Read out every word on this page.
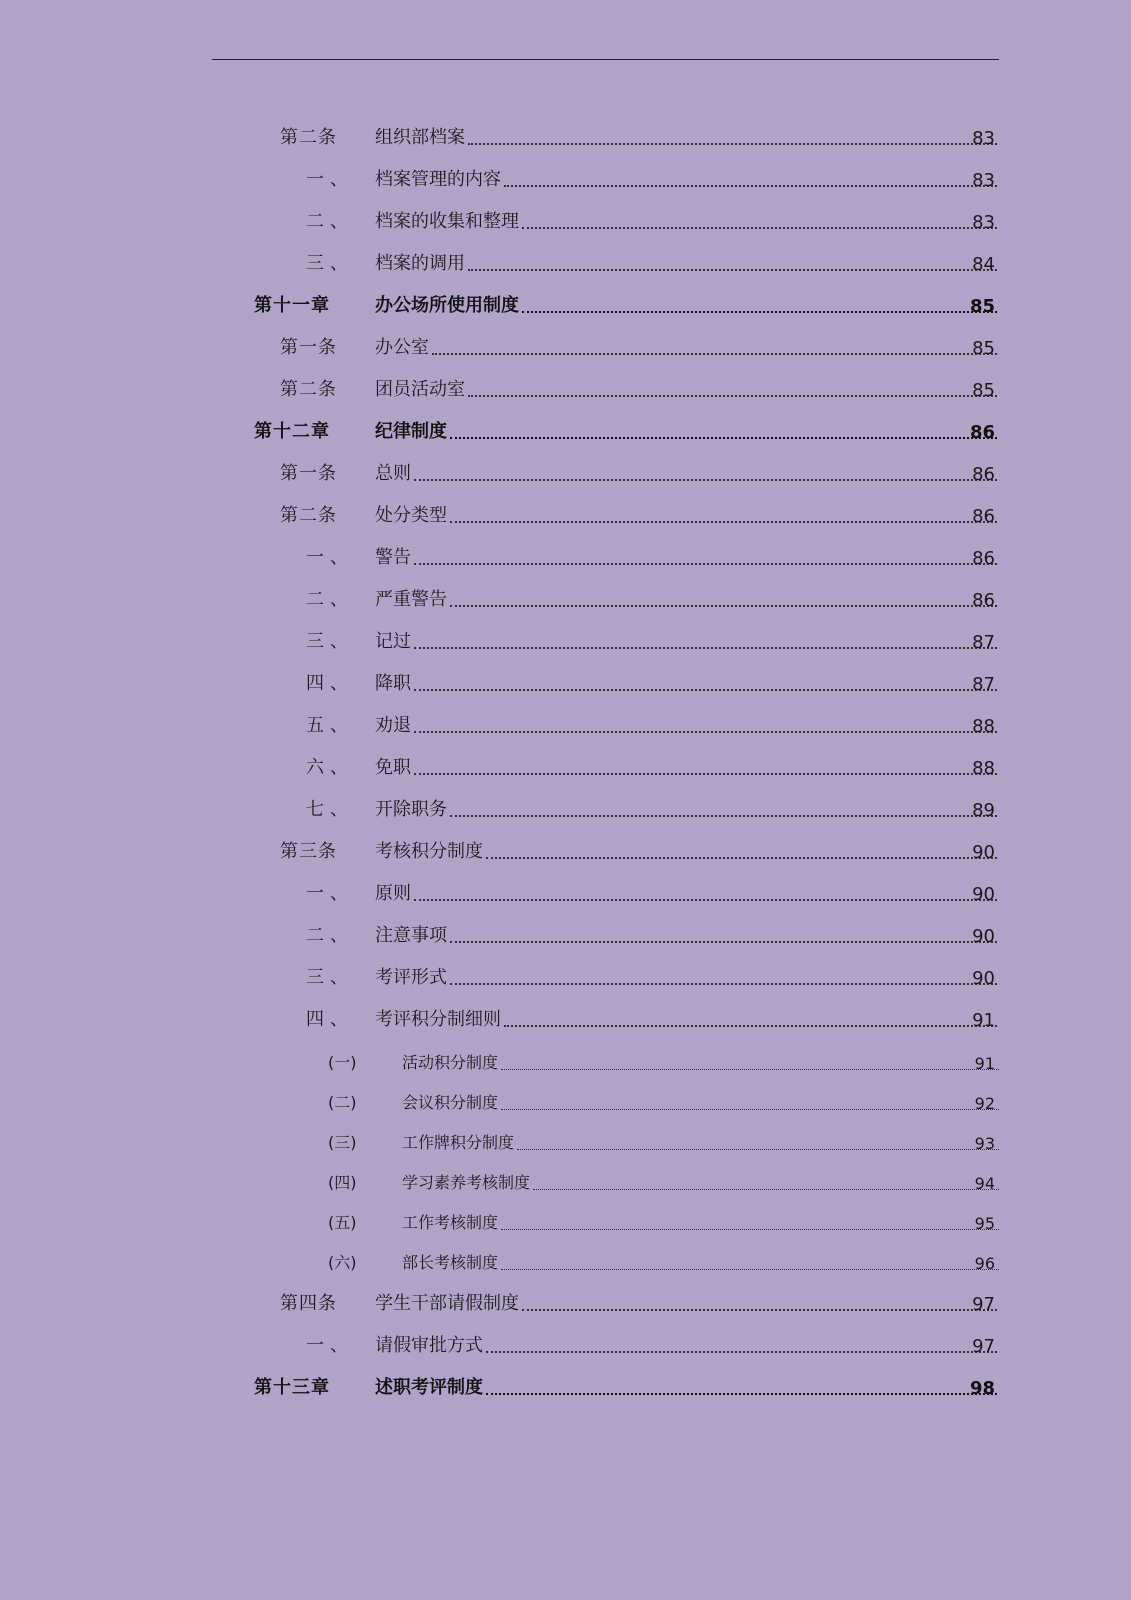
第二条 组织部档案	83
一、 档案管理的内容	83
二、 档案的收集和整理	83
三、 档案的调用	84
第十一章	办公场所使用制度	85
第一条 办公室	85
第二条 团员活动室	85
第十二章	纪律制度	86
第一条 总则	86
第二条 处分类型	86
一、 警告	86
二、 严重警告	86
三、 记过	87
四、 降职	87
五、 劝退	88
六、 免职	88
七、 开除职务	89
第三条 考核积分制度	90
一、 原则	90
二、 注意事项	90
三、 考评形式	90
四、 考评积分制细则	91
(一)	活动积分制度	91
(二)	会议积分制度	92
(三)	工作牌积分制度	93
(四)	学习素养考核制度	94
(五)	工作考核制度	95
(六)	部长考核制度	96
第四条 学生干部请假制度	97
一、 请假审批方式	97
第十三章	述职考评制度	98
